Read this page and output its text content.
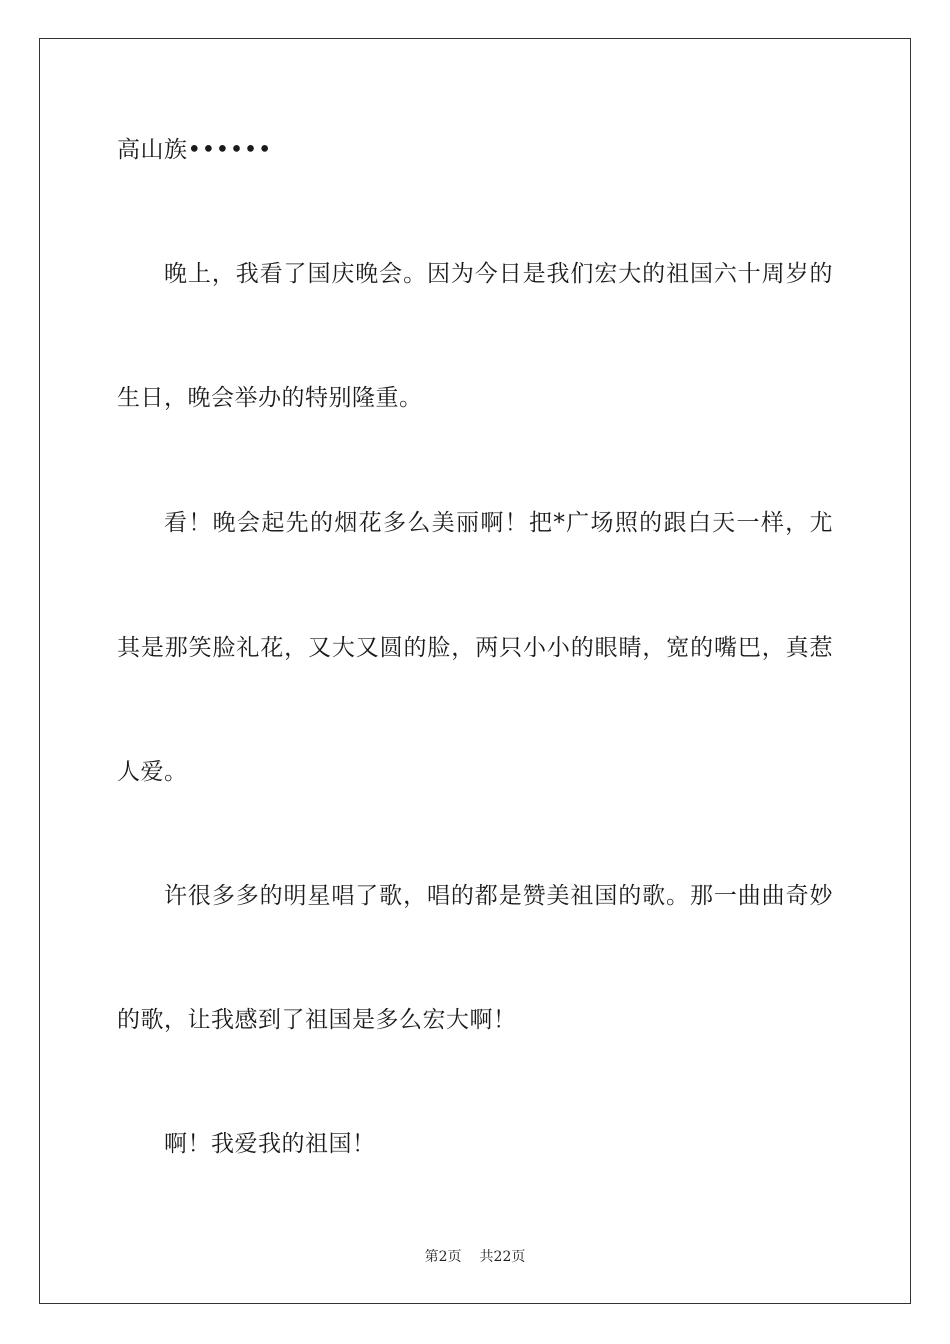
高山族••••••
晚上，我看了国庆晚会。因为今日是我们宏大的祖国六十周岁的
生日，晚会举办的特别隆重。
看！晚会起先的烟花多么美丽啊！把*广场照的跟白天一样，尤
其是那笑脸礼花，又大又圆的脸，两只小小的眼睛，宽的嘴巴，真惹
人爱。
许很多多的明星唱了歌，唱的都是赞美祖国的歌。那一曲曲奇妙
的歌，让我感到了祖国是多么宏大啊！
啊！我爱我的祖国！
第2页 共22页
